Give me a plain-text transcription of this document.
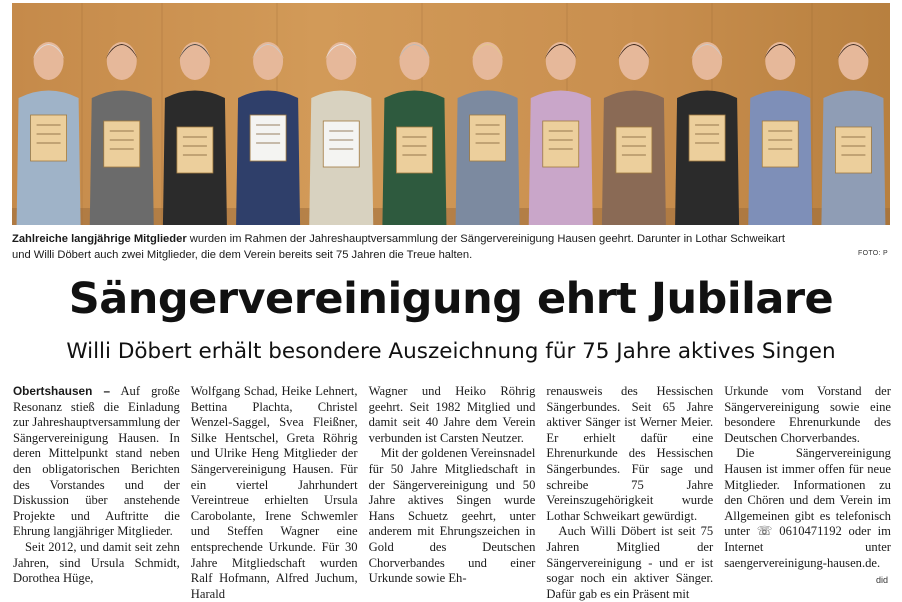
Zahlreiche langjährige Mitglieder wurden im Rahmen der Jahreshauptversammlung der Sängervereinigung Hausen geehrt. Darunter in Lothar Schweikart
und Willi Döbert auch zwei Mitglieder, die dem Verein bereits seit 75 Jahren die Treue halten.	FOTO: P
Sängervereinigung ehrt Jubilare
Willi Döbert erhält besondere Auszeichnung für 75 Jahre aktives Singen

Obertshausen – Auf große Resonanz stieß die Einladung zur Jahreshauptversammlung der Sängervereinigung Hausen. In deren Mittelpunkt stand neben den obligatorischen Berichten des Vorstandes und der Diskussion über anstehende Projekte und Auftritte die Ehrung langjähriger Mitglieder.

Seit 2012, und damit seit zehn Jahren, sind Ursula Schmidt, Dorothea Hüge,

Wolfgang Schad, Heike Lehnert, Bettina Plachta, Christel Wenzel-Saggel, Svea Fleißner, Silke Hentschel, Greta Röhrig und Ulrike Heng Mitglieder der Sängervereinigung Hausen. Für ein viertel Jahrhundert Vereintreue erhielten Ursula Carobolante, Irene Schwemler und Steffen Wagner eine entsprechende Urkunde. Für 30 Jahre Mitgliedschaft wurden Ralf Hofmann, Alfred Juchum, Harald

Wagner und Heiko Röhrig geehrt. Seit 1982 Mitglied und damit seit 40 Jahre dem Verein verbunden ist Carsten Neutzer.

Mit der goldenen Vereinsnadel für 50 Jahre Mitgliedschaft in der Sängervereinigung und 50 Jahre aktives Singen wurde Hans Schuetz geehrt, unter anderem mit Ehrungszeichen in Gold des Deutschen Chorverbandes und einer Urkunde sowie Eh-

renausweis des Hessischen Sängerbundes. Seit 65 Jahre aktiver Sänger ist Werner Meier. Er erhielt dafür eine Ehrenurkunde des Hessischen Sängerbundes. Für sage und schreibe 75 Jahre Vereinszugehörigkeit wurde Lothar Schweikart gewürdigt.

Auch Willi Döbert ist seit 75 Jahren Mitglied der Sängervereinigung - und er ist sogar noch ein aktiver Sänger. Dafür gab es ein Präsent mit

Urkunde vom Vorstand der Sängervereinigung sowie eine besondere Ehrenurkunde des Deutschen Chorverbandes.

Die Sängervereinigung Hausen ist immer offen für neue Mitglieder. Informationen zu den Chören und dem Verein im Allgemeinen gibt es telefonisch unter ☏ 0610471192 oder im Internet unter saengervereinigung-hausen.de.

did
